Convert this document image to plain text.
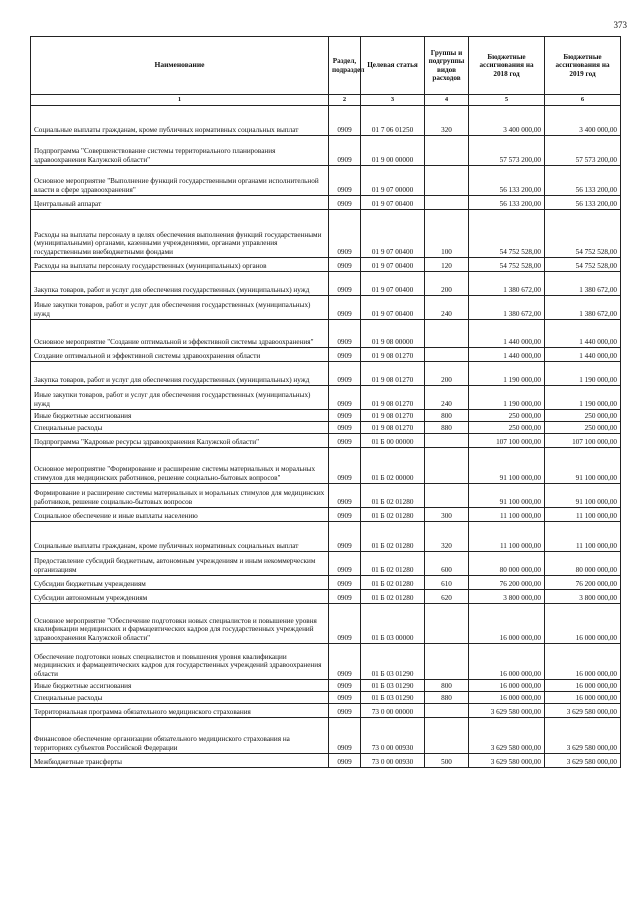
373
Наименование	Раздел, подраздел	Целевая статья	Группы и подгруппы видов расходов	Бюджетные ассигнования на 2018 год	Бюджетные ассигнования на 2019 год
1	2	3	4	5	6
Социальные выплаты гражданам, кроме публичных нормативных социальных выплат	0909	01 7 06 01250	320	3 400 000,00	3 400 000,00
Подпрограмма "Совершенствование системы территориального планирования здравоохранения Калужской области"	0909	01 9 00 00000		57 573 200,00	57 573 200,00
Основное мероприятие "Выполнение функций государственными органами исполнительной власти в сфере здравоохранения"	0909	01 9 07 00000		56 133 200,00	56 133 200,00
Центральный аппарат	0909	01 9 07 00400		56 133 200,00	56 133 200,00
Расходы на выплаты персоналу в целях обеспечения выполнения функций государственными (муниципальными) органами, казенными учреждениями, органами управления государственными внебюджетными фондами	0909	01 9 07 00400	100	54 752 528,00	54 752 528,00
Расходы на выплаты персоналу государственных (муниципальных) органов	0909	01 9 07 00400	120	54 752 528,00	54 752 528,00
Закупка товаров, работ и услуг для обеспечения государственных (муниципальных) нужд	0909	01 9 07 00400	200	1 380 672,00	1 380 672,00
Иные закупки товаров, работ и услуг для обеспечения государственных (муниципальных) нужд	0909	01 9 07 00400	240	1 380 672,00	1 380 672,00
Основное мероприятие "Создание оптимальной и эффективной системы здравоохранения"	0909	01 9 08 00000		1 440 000,00	1 440 000,00
Создание оптимальной и эффективной системы здравоохранения области	0909	01 9 08 01270		1 440 000,00	1 440 000,00
Закупка товаров, работ и услуг для обеспечения государственных (муниципальных) нужд	0909	01 9 08 01270	200	1 190 000,00	1 190 000,00
Иные закупки товаров, работ и услуг для обеспечения государственных (муниципальных) нужд	0909	01 9 08 01270	240	1 190 000,00	1 190 000,00
Иные бюджетные ассигнования	0909	01 9 08 01270	800	250 000,00	250 000,00
Специальные расходы	0909	01 9 08 01270	880	250 000,00	250 000,00
Подпрограмма "Кадровые ресурсы здравоохранения Калужской области"	0909	01 Б 00 00000		107 100 000,00	107 100 000,00
Основное мероприятие "Формирование и расширение системы материальных и моральных стимулов для медицинских работников, решение социально-бытовых вопросов"	0909	01 Б 02 00000		91 100 000,00	91 100 000,00
Формирование и расширение системы материальных и моральных стимулов для медицинских работников, решение социально-бытовых вопросов	0909	01 Б 02 01280		91 100 000,00	91 100 000,00
Социальное обеспечение и иные выплаты населению	0909	01 Б 02 01280	300	11 100 000,00	11 100 000,00
Социальные выплаты гражданам, кроме публичных нормативных социальных выплат	0909	01 Б 02 01280	320	11 100 000,00	11 100 000,00
Предоставление субсидий бюджетным, автономным учреждениям и иным некоммерческим организациям	0909	01 Б 02 01280	600	80 000 000,00	80 000 000,00
Субсидии бюджетным учреждениям	0909	01 Б 02 01280	610	76 200 000,00	76 200 000,00
Субсидии автономным учреждениям	0909	01 Б 02 01280	620	3 800 000,00	3 800 000,00
Основное мероприятие "Обеспечение подготовки новых специалистов и повышение уровня квалификации медицинских и фармацевтических кадров для государственных учреждений здравоохранения Калужской области"	0909	01 Б 03 00000		16 000 000,00	16 000 000,00
Обеспечение подготовки новых специалистов и повышения уровня квалификации медицинских и фармацевтических кадров для государственных учреждений здравоохранения области	0909	01 Б 03 01290		16 000 000,00	16 000 000,00
Иные бюджетные ассигнования	0909	01 Б 03 01290	800	16 000 000,00	16 000 000,00
Специальные расходы	0909	01 Б 03 01290	880	16 000 000,00	16 000 000,00
Территориальная программа обязательного медицинского страхования	0909	73 0 00 00000		3 629 580 000,00	3 629 580 000,00
Финансовое обеспечение организации обязательного медицинского страхования на территориях субъектов Российской Федерации	0909	73 0 00 00930		3 629 580 000,00	3 629 580 000,00
Межбюджетные трансферты	0909	73 0 00 00930	500	3 629 580 000,00	3 629 580 000,00
